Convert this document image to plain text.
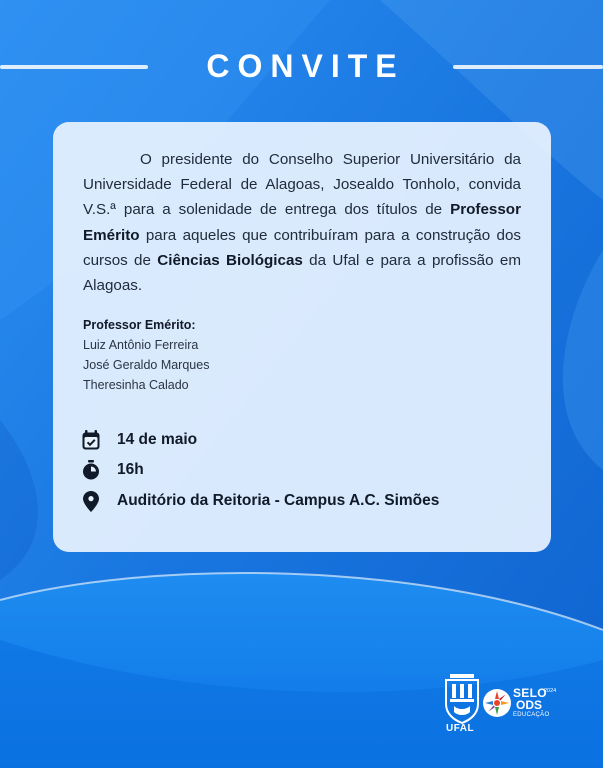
CONVITE

O presidente do Conselho Superior Universitário da Universidade Federal de Alagoas, Josealdo Tonholo, convida V.S.ª para a solenidade de entrega dos títulos de Professor Emérito para aqueles que contribuíram para a construção dos cursos de Ciências Biológicas da Ufal e para a profissão em Alagoas.

Professor Emérito:
Luiz Antônio Ferreira
José Geraldo Marques
Theresinha Calado
14 de maio
16h
Auditório da Reitoria - Campus A.C. Simões
UFAL
SELO
ODS
EDUCAÇÃO
2024
